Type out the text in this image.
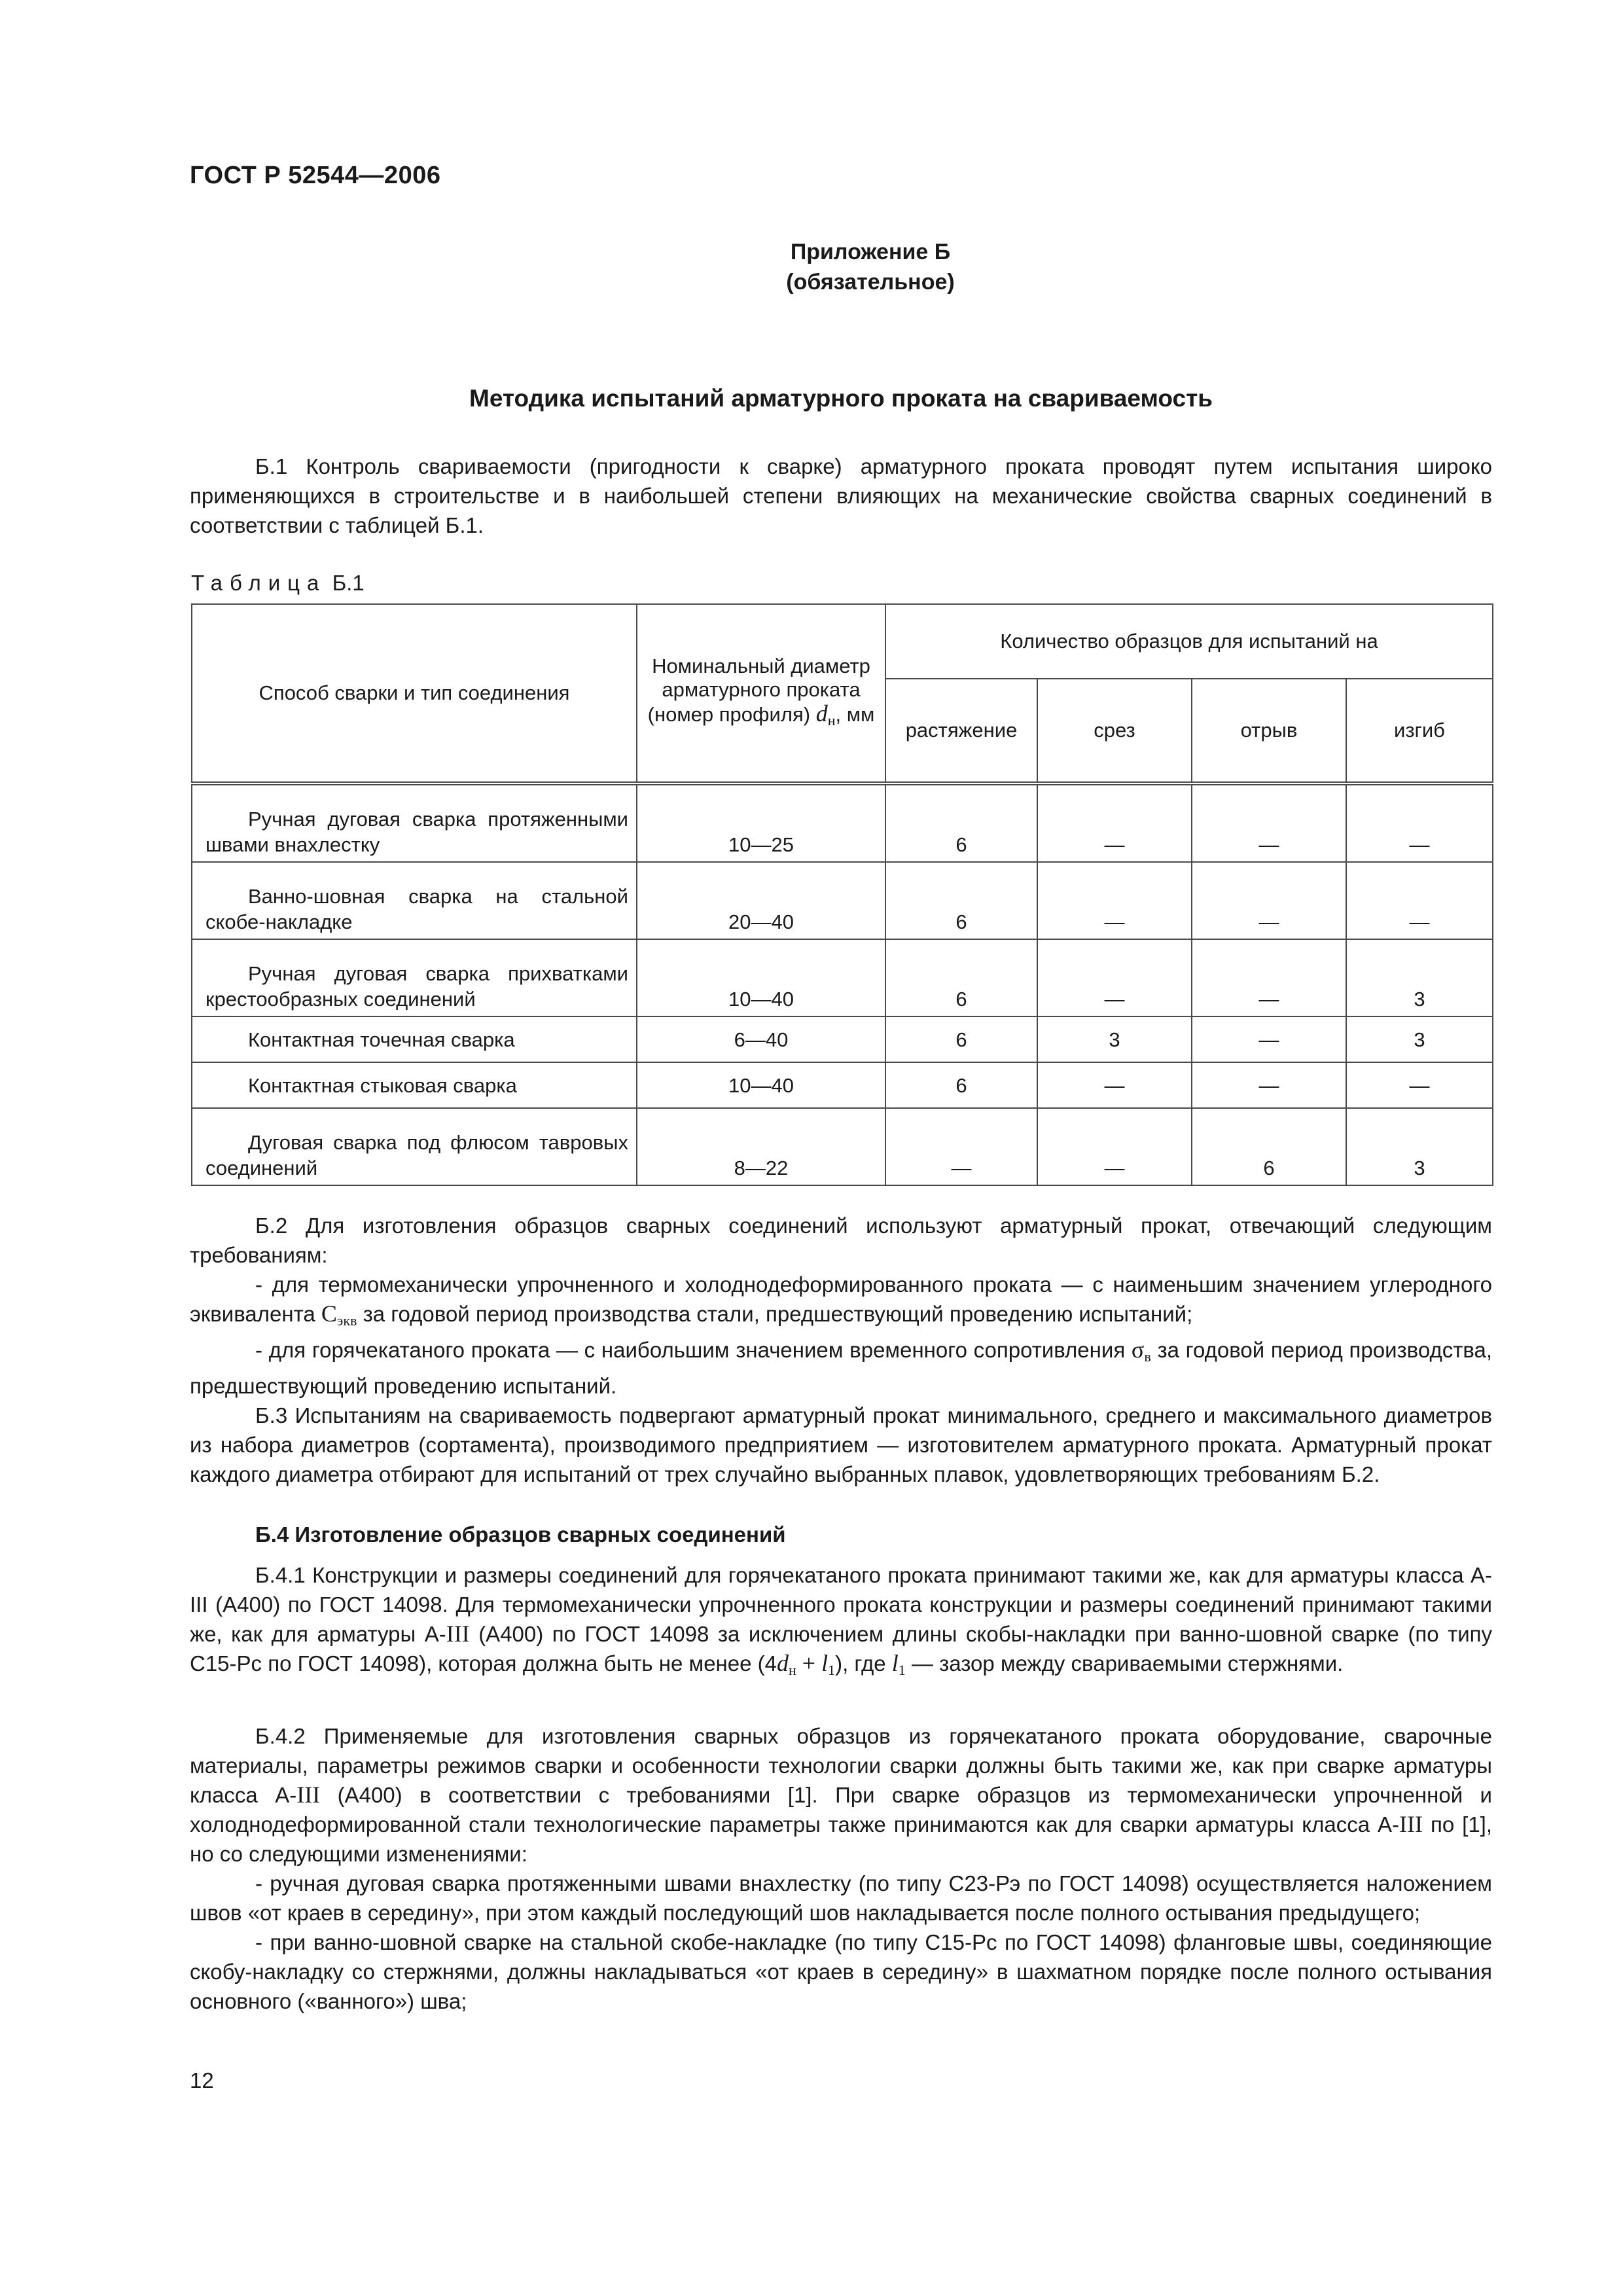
ГОСТ Р 52544—2006
Приложение Б
(обязательное)
Методика испытаний арматурного проката на свариваемость
Б.1 Контроль свариваемости (пригодности к сварке) арматурного проката проводят путем испытания широко применяющихся в строительстве и в наибольшей степени влияющих на механические свойства сварных соединений в соответствии с таблицей Б.1.
Таблица Б.1
Способ сварки и тип соединения	Номинальный диаметр арматурного проката (номер профиля) $d_н$, мм	Количество образцов для испытаний на			
		растяжение	срез	отрыв	изгиб
Ручная дуговая сварка протяженными швами внахлестку	10—25	6	—	—	—
Ванно-шовная сварка на стальной скобе-накладке	20—40	6	—	—	—
Ручная дуговая сварка прихватками крестообразных соединений	10—40	6	—	—	3
Контактная точечная сварка	6—40	6	3	—	3
Контактная стыковая сварка	10—40	6	—	—	—
Дуговая сварка под флюсом тавровых соединений	8—22	—	—	6	3
Б.2 Для изготовления образцов сварных соединений используют арматурный прокат, отвечающий следующим требованиям:
- для термомеханически упрочненного и холоднодеформированного проката — с наименьшим значением углеродного эквивалента $С_{экв}$ за годовой период производства стали, предшествующий проведению испытаний;
- для горячекатаного проката — с наибольшим значением временного сопротивления $\sigma_в$ за годовой период производства, предшествующий проведению испытаний.
Б.3 Испытаниям на свариваемость подвергают арматурный прокат минимального, среднего и максимального диаметров из набора диаметров (сортамента), производимого предприятием — изготовителем арматурного проката. Арматурный прокат каждого диаметра отбирают для испытаний от трех случайно выбранных плавок, удовлетворяющих требованиям Б.2.
Б.4 Изготовление образцов сварных соединений
Б.4.1 Конструкции и размеры соединений для горячекатаного проката принимают такими же, как для арматуры класса А-III (А400) по ГОСТ 14098. Для термомеханически упрочненного проката конструкции и размеры соединений принимают такими же, как для арматуры А-III (А400) по ГОСТ 14098 за исключением длины скобы-накладки при ванно-шовной сварке (по типу С15-Рс по ГОСТ 14098), которая должна быть не менее $(4d_н + l_1)$, где $l_1$ — зазор между свариваемыми стержнями.
Б.4.2 Применяемые для изготовления сварных образцов из горячекатаного проката оборудование, сварочные материалы, параметры режимов сварки и особенности технологии сварки должны быть такими же, как при сварке арматуры класса А-III (А400) в соответствии с требованиями [1]. При сварке образцов из термомеханически упрочненной и холоднодеформированной стали технологические параметры также принимаются как для сварки арматуры класса А-III по [1], но со следующими изменениями:
- ручная дуговая сварка протяженными швами внахлестку (по типу С23-Рэ по ГОСТ 14098) осуществляется наложением швов «от краев в середину», при этом каждый последующий шов накладывается после полного остывания предыдущего;
- при ванно-шовной сварке на стальной скобе-накладке (по типу С15-Рс по ГОСТ 14098) фланговые швы, соединяющие скобу-накладку со стержнями, должны накладываться «от краев в середину» в шахматном порядке после полного остывания основного («ванного») шва;
12
